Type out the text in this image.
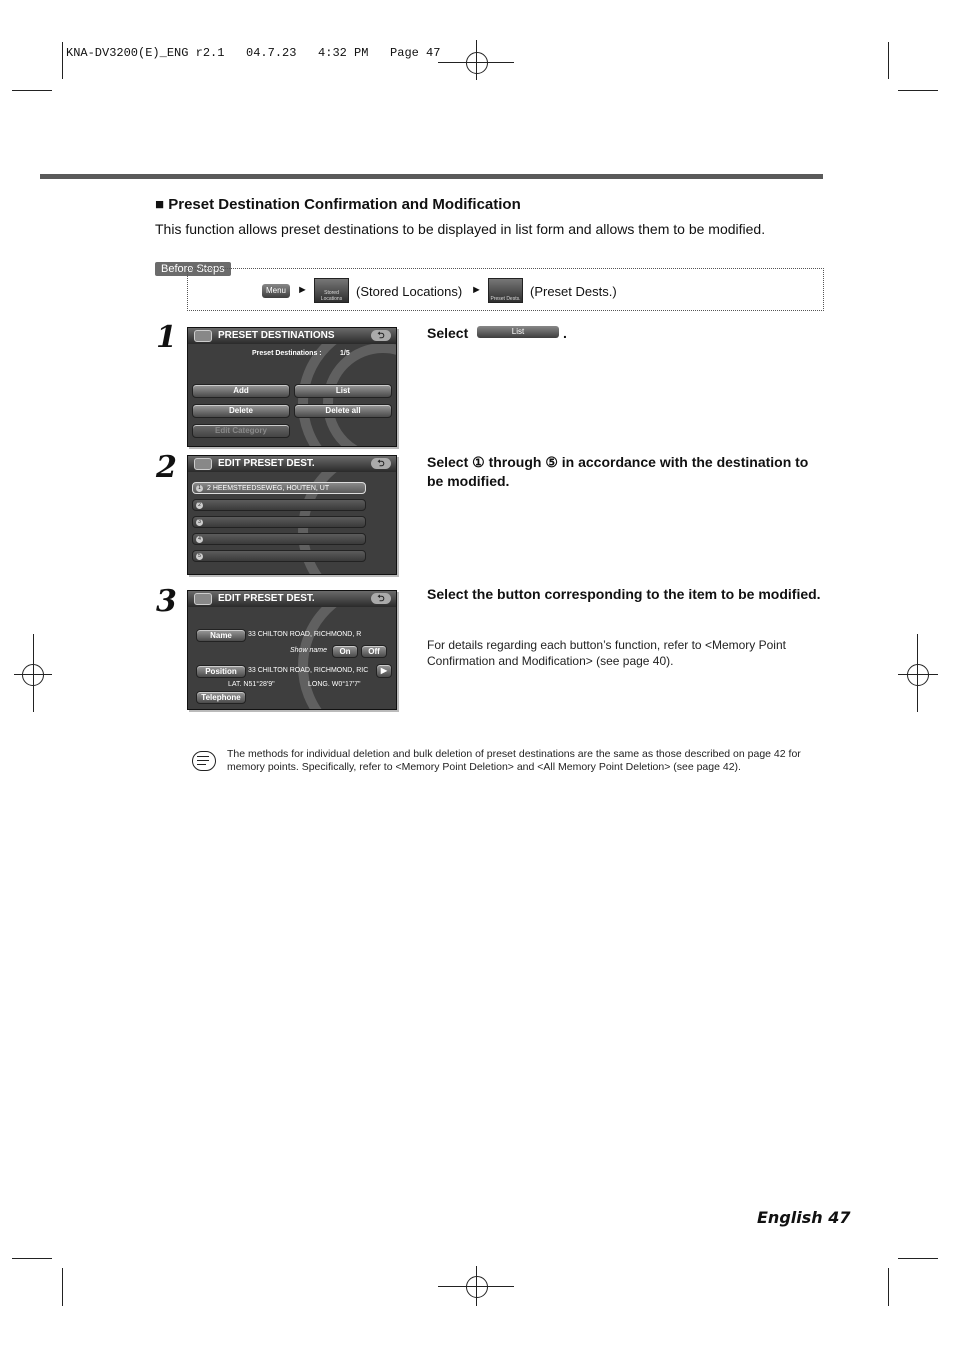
KNA-DV3200(E)_ENG r2.1   04.7.23   4:32 PM   Page 47
■ Preset Destination Confirmation and Modification
This function allows preset destinations to be displayed in list form and allows them to be modified.
Before Steps
Menu	►	Stored Locations	(Stored Locations) ►
Preset Dests. (Preset Dests.)
1	PRESET DESTINATIONS	⮌
Preset Destinations :	1/5
Add	List
Delete	Delete all
Edit Category
Select	List	.
2	EDIT PRESET DEST.	⮌
1 2 HEEMSTEEDSEWEG, HOUTEN, UT
2
3
4
5
Select ① through ⑤ in accordance with the destination to be modified.
3	EDIT PRESET DEST.	⮌
Name	33 CHILTON ROAD, RICHMOND, R
Show name	On	Off
Position	33 CHILTON ROAD, RICHMOND, RIC	▶
LAT. N51°28'9"	LONG. W0°17'7"
Telephone
Select the button corresponding to the item to be modified.
For details regarding each button’s function, refer to <Memory Point Confirmation and Modification> (see page 40).
The methods for individual deletion and bulk deletion of preset destinations are the same as those described on page 42 for memory points. Specifically, refer to <Memory Point Deletion> and <All Memory Point Deletion> (see page 42).
English 47
